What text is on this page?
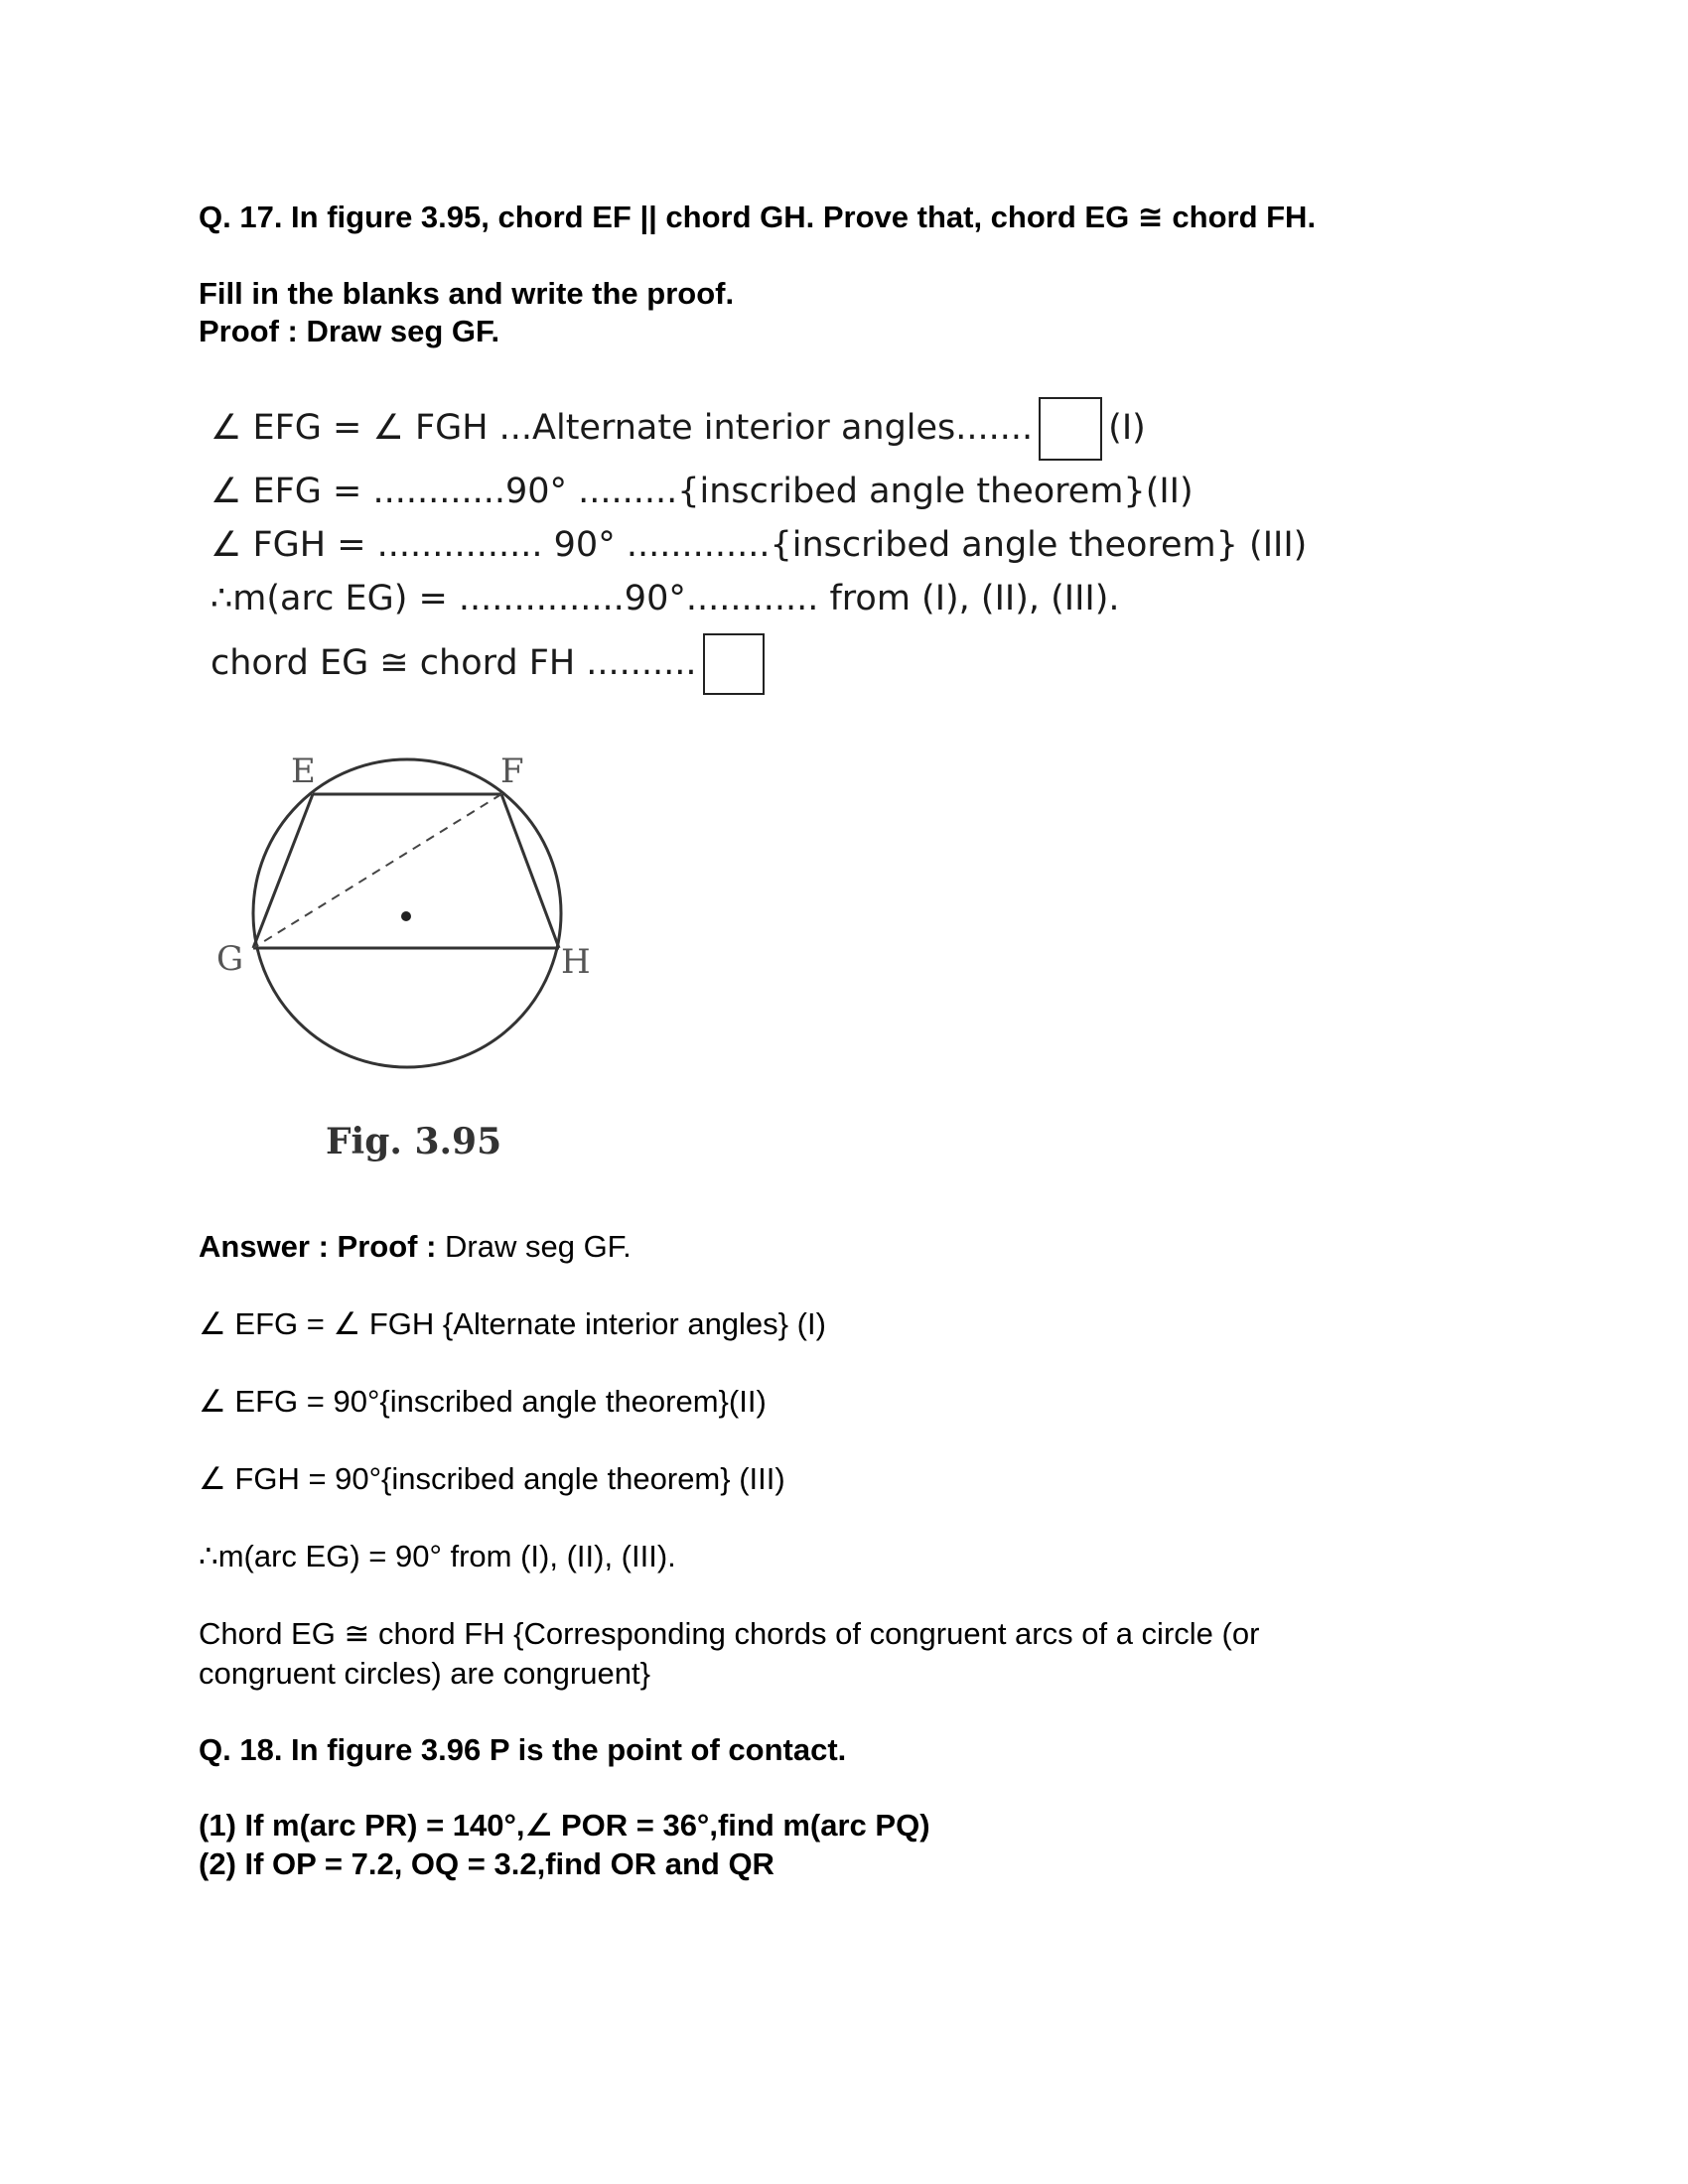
Q. 17. In figure 3.95, chord EF || chord GH. Prove that, chord EG ≅ chord FH.
Fill in the blanks and write the proof.
Proof : Draw seg GF.
∠ EFG = ∠ FGH ...Alternate interior angles....... (I)
∠ EFG = ............90° .........{inscribed angle theorem}(II)
∠ FGH = ............... 90° .............{inscribed angle theorem} (III)
∴m(arc EG) = ...............90°............ from (I), (II), (III).
chord EG ≅ chord FH ..........
E	F
G	H
Fig. 3.95
Answer : Proof : Draw seg GF.
∠ EFG = ∠ FGH {Alternate interior angles} (I)
∠ EFG = 90°{inscribed angle theorem}(II)
∠ FGH = 90°{inscribed angle theorem} (III)
∴m(arc EG) = 90° from (I), (II), (III).
Chord EG ≅ chord FH {Corresponding chords of congruent arcs of a circle (or congruent circles) are congruent}
Q. 18. In figure 3.96 P is the point of contact.
(1) If m(arc PR) = 140°,∠ POR = 36°,find m(arc PQ)
(2) If OP = 7.2, OQ = 3.2,find OR and QR
